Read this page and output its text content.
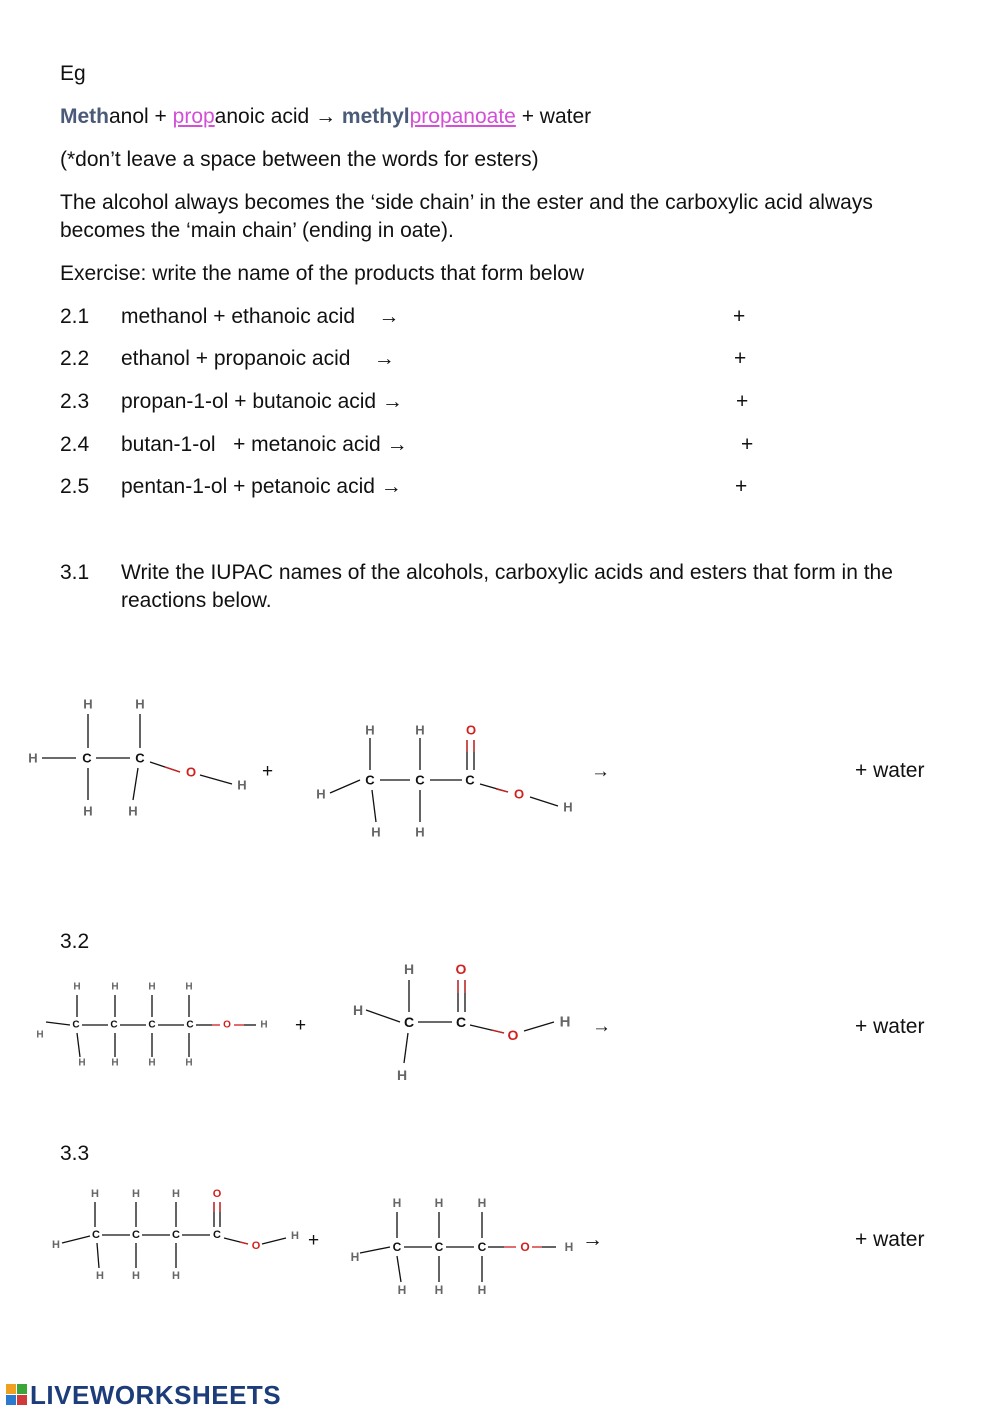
Eg
Methanol + propanoic acid → methylpropanoate + water
(*don’t leave a space between the words for esters)
The alcohol always becomes the ‘side chain’ in the ester and the carboxylic acid always becomes the ‘main chain’ (ending in oate).
Exercise: write the name of the products that form below
2.1 methanol + ethanoic acid    →	+
2.2 ethanol + propanoic acid    →	+
2.3 propan-1-ol + butanoic acid →	+
2.4 butan-1-ol   + metanoic acid →	+
2.5 pentan-1-ol + petanoic acid →	+
3.1 Write the IUPAC names of the alcohols, carboxylic acids and esters that form in the reactions below.
H	C	C
H	H
H	H
O
H
+
H
C	C	C
H	H	O
O
H
H	H
→	+ water
3.2
H
C	C	C	C	O	H
H	H	H	H
H	H	H	H
+
H
C	C
H	O
O
H
H
→	+ water
3.3
H
C	C	C	C
H	H	H	O
O
H
H	H	H
+
H
C	C	C	O	H
H	H	H
H H	H
→	+ water
LIVEWORKSHEETS
